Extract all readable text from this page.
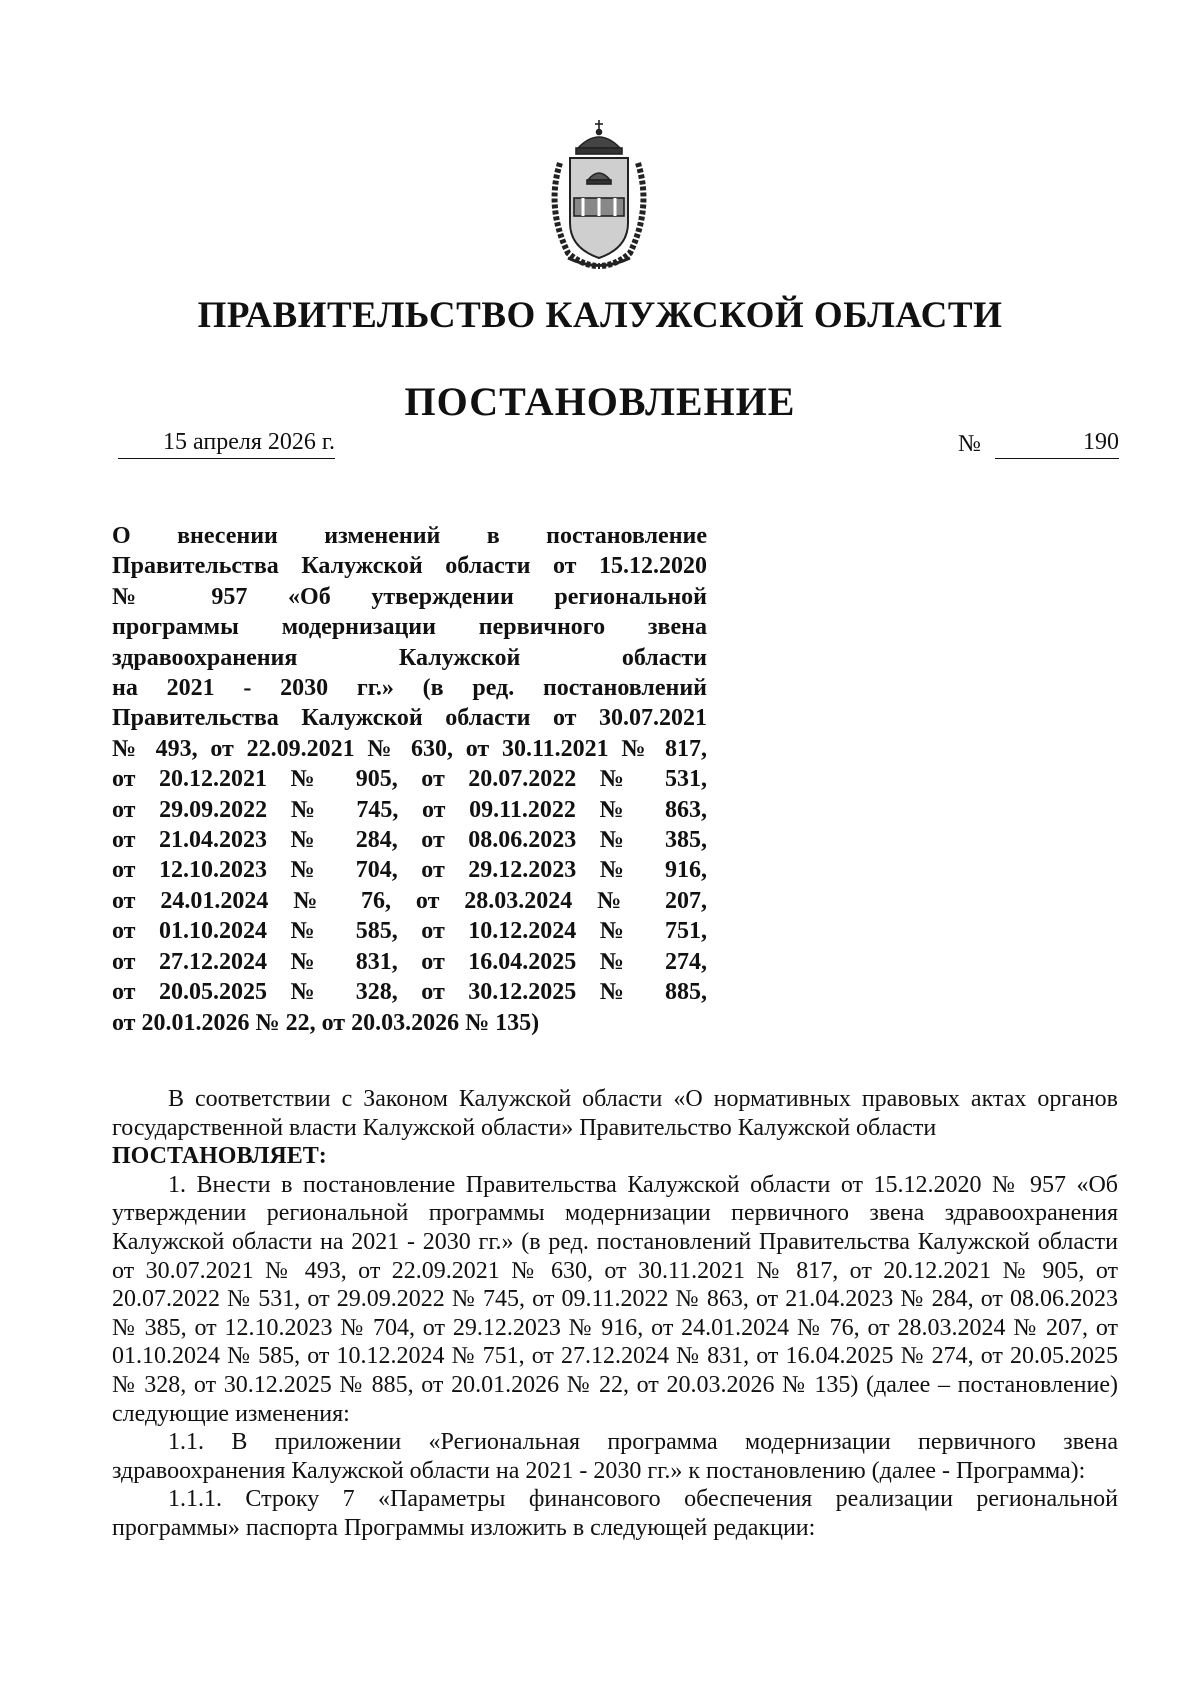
ПРАВИТЕЛЬСТВО КАЛУЖСКОЙ ОБЛАСТИ
ПОСТАНОВЛЕНИЕ
15 апреля 2026 г.	№	190
О внесении изменений в постановление
Правительства Калужской области от 15.12.2020
№ 957 «Об утверждении региональной
программы модернизации первичного звена
здравоохранения Калужской области
на 2021 - 2030 гг.» (в ред. постановлений
Правительства Калужской области от 30.07.2021
№ 493, от 22.09.2021 № 630, от 30.11.2021 № 817,
от 20.12.2021 № 905, от 20.07.2022 № 531,
от 29.09.2022 № 745, от 09.11.2022 № 863,
от 21.04.2023 № 284, от 08.06.2023 № 385,
от 12.10.2023 № 704, от 29.12.2023 № 916,
от 24.01.2024 № 76, от 28.03.2024 № 207,
от 01.10.2024 № 585, от 10.12.2024 № 751,
от 27.12.2024 № 831, от 16.04.2025 № 274,
от 20.05.2025 № 328, от 30.12.2025 № 885,
от 20.01.2026 № 22, от 20.03.2026 № 135)

В соответствии с Законом Калужской области «О нормативных правовых актах органов государственной власти Калужской области» Правительство Калужской области

ПОСТАНОВЛЯЕТ:

1. Внести в постановление Правительства Калужской области от 15.12.2020 № 957 «Об утверждении региональной программы модернизации первичного звена здравоохранения Калужской области на 2021 - 2030 гг.» (в ред. постановлений Правительства Калужской области от 30.07.2021 № 493, от 22.09.2021 № 630, от 30.11.2021 № 817, от 20.12.2021 № 905, от 20.07.2022 № 531, от 29.09.2022 № 745, от 09.11.2022 № 863, от 21.04.2023 № 284, от 08.06.2023 № 385, от 12.10.2023 № 704, от 29.12.2023 № 916, от 24.01.2024 № 76, от 28.03.2024 № 207, от 01.10.2024 № 585, от 10.12.2024 № 751, от 27.12.2024 № 831, от 16.04.2025 № 274, от 20.05.2025 № 328, от 30.12.2025 № 885, от 20.01.2026 № 22, от 20.03.2026 № 135) (далее – постановление) следующие изменения:

1.1. В приложении «Региональная программа модернизации первичного звена здравоохранения Калужской области на 2021 - 2030 гг.» к постановлению (далее - Программа):

1.1.1. Строку 7 «Параметры финансового обеспечения реализации региональной программы» паспорта Программы изложить в следующей редакции:
